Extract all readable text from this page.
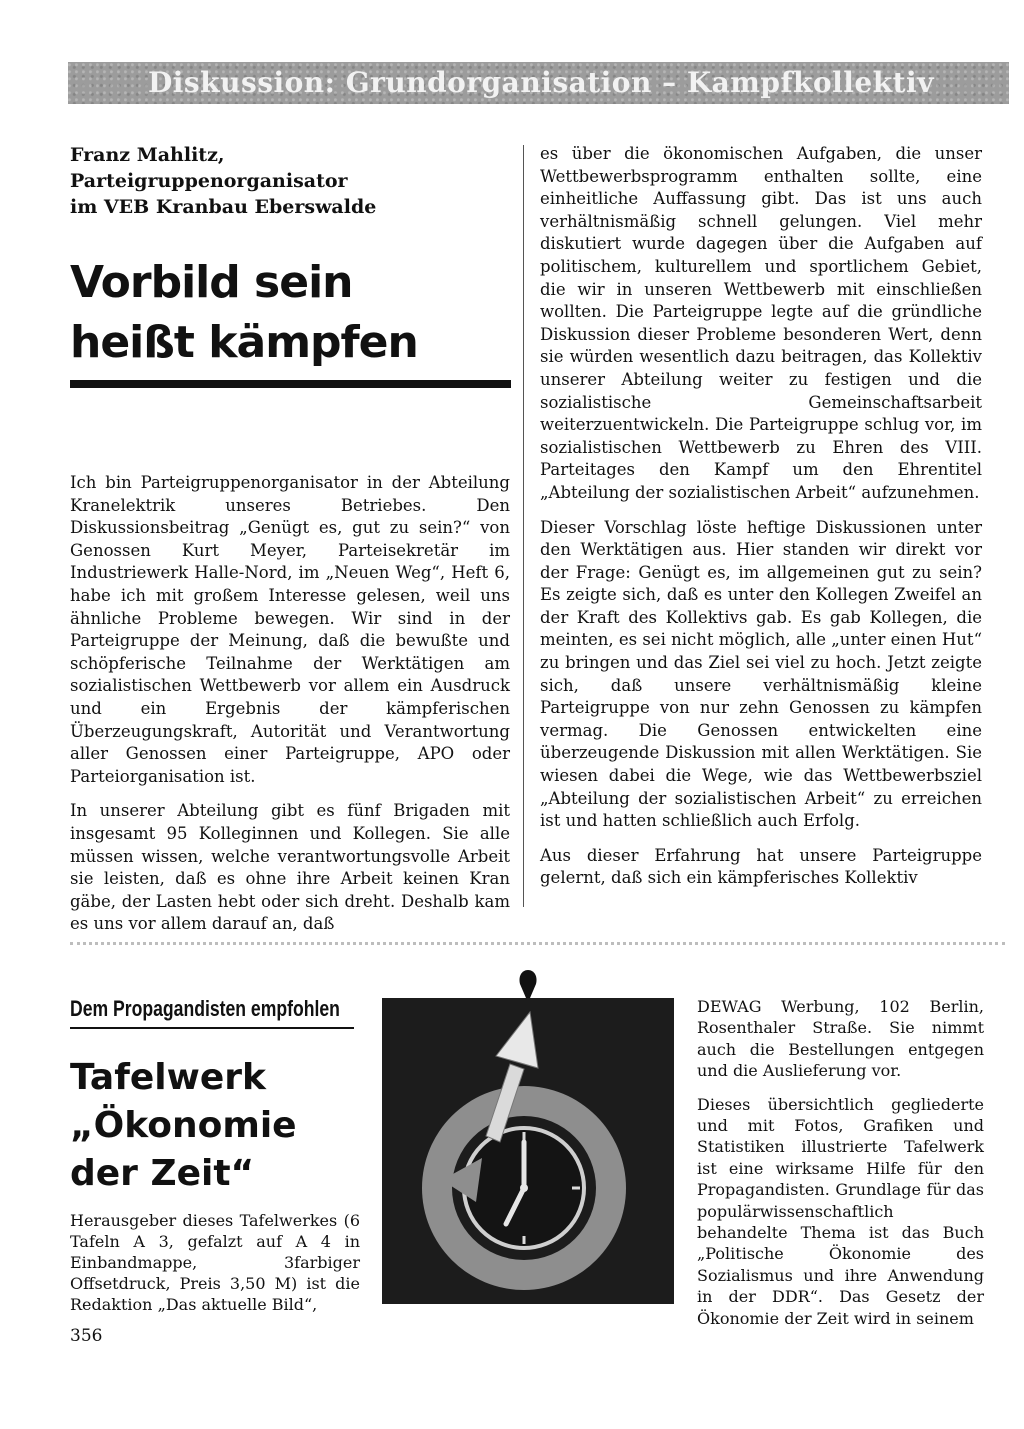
Diskussion: Grundorganisation – Kampfkollektiv
Franz Mahlitz,
Parteigruppenorganisator
im VEB Kranbau Eberswalde
Vorbild sein
heißt kämpfen

Ich bin Parteigruppenorganisator in der Abteilung Kranelektrik unseres Betriebes. Den Diskussionsbeitrag „Genügt es, gut zu sein?“ von Genossen Kurt Meyer, Parteisekretär im Industriewerk Halle-Nord, im „Neuen Weg“, Heft 6, habe ich mit großem Interesse gelesen, weil uns ähnliche Probleme bewegen. Wir sind in der Parteigruppe der Meinung, daß die bewußte und schöpferische Teilnahme der Werktätigen am sozialistischen Wettbewerb vor allem ein Ausdruck und ein Ergebnis der kämpferischen Überzeugungskraft, Autorität und Verantwortung aller Genossen einer Parteigruppe, APO oder Parteiorganisation ist.

In unserer Abteilung gibt es fünf Brigaden mit insgesamt 95 Kolleginnen und Kollegen. Sie alle müssen wissen, welche verantwortungsvolle Arbeit sie leisten, daß es ohne ihre Arbeit keinen Kran gäbe, der Lasten hebt oder sich dreht. Deshalb kam es uns vor allem darauf an, daß

es über die ökonomischen Aufgaben, die unser Wettbewerbsprogramm enthalten sollte, eine einheitliche Auffassung gibt. Das ist uns auch verhältnismäßig schnell gelungen. Viel mehr diskutiert wurde dagegen über die Aufgaben auf politischem, kulturellem und sportlichem Gebiet, die wir in unseren Wettbewerb mit einschließen wollten. Die Parteigruppe legte auf die gründliche Diskussion dieser Probleme besonderen Wert, denn sie würden wesentlich dazu beitragen, das Kollektiv unserer Abteilung weiter zu festigen und die sozialistische Gemeinschaftsarbeit weiterzuentwickeln. Die Parteigruppe schlug vor, im sozialistischen Wettbewerb zu Ehren des VIII. Parteitages den Kampf um den Ehrentitel „Abteilung der sozialistischen Arbeit“ aufzunehmen.

Dieser Vorschlag löste heftige Diskussionen unter den Werktätigen aus. Hier standen wir direkt vor der Frage: Genügt es, im allgemeinen gut zu sein? Es zeigte sich, daß es unter den Kollegen Zweifel an der Kraft des Kollektivs gab. Es gab Kollegen, die meinten, es sei nicht möglich, alle „unter einen Hut“ zu bringen und das Ziel sei viel zu hoch. Jetzt zeigte sich, daß unsere verhältnismäßig kleine Parteigruppe von nur zehn Genossen zu kämpfen vermag. Die Genossen entwickelten eine überzeugende Diskussion mit allen Werktätigen. Sie wiesen dabei die Wege, wie das Wettbewerbsziel „Abteilung der sozialistischen Arbeit“ zu erreichen ist und hatten schließlich auch Erfolg.

Aus dieser Erfahrung hat unsere Parteigruppe gelernt, daß sich ein kämpferisches Kollektiv

Dem Propagandisten empfohlen
Tafelwerk
„Ökonomie
der Zeit“

Herausgeber dieses Tafelwerkes (6 Tafeln A 3, gefalzt auf A 4 in Einbandmappe, 3farbiger Offsetdruck, Preis 3,50 M) ist die Redaktion „Das aktuelle Bild“,

DEWAG Werbung, 102 Berlin, Rosenthaler Straße. Sie nimmt auch die Bestellungen entgegen und die Auslieferung vor.

Dieses übersichtlich gegliederte und mit Fotos, Grafiken und Statistiken illustrierte Tafelwerk ist eine wirksame Hilfe für den Propagandisten. Grundlage für das populärwissenschaftlich behandelte Thema ist das Buch „Politische Ökonomie des Sozialismus und ihre Anwendung in der DDR“. Das Gesetz der Ökonomie der Zeit wird in seinem

356
